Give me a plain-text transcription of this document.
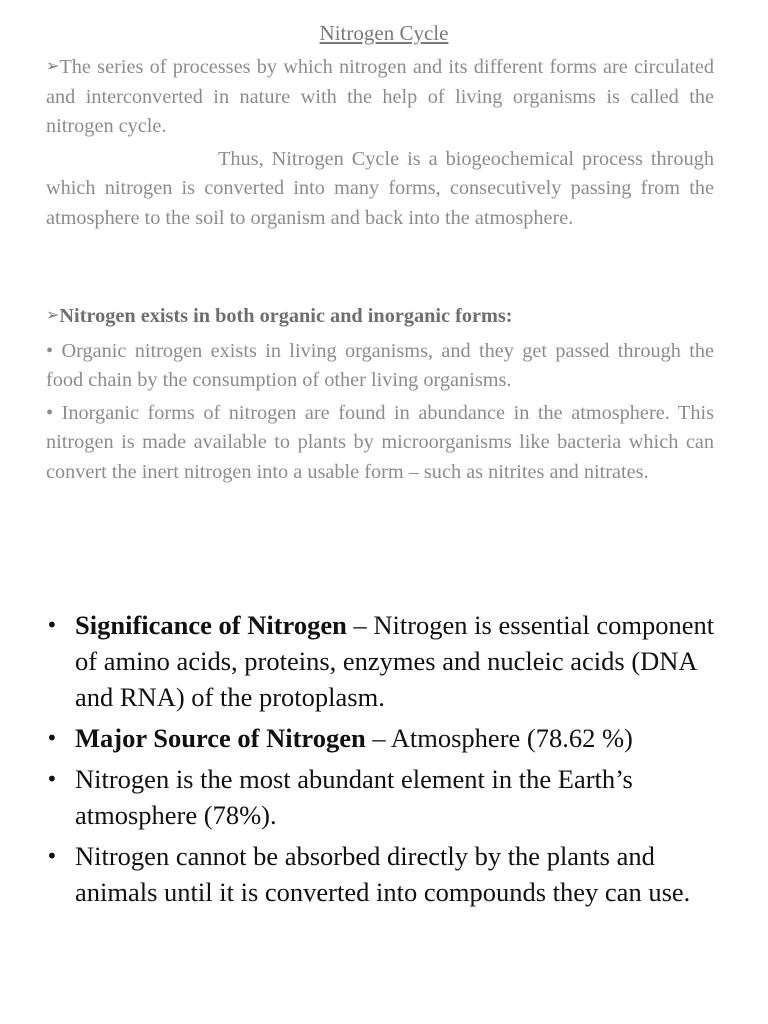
Nitrogen Cycle

➢The series of processes by which nitrogen and its different forms are circulated and interconverted in nature with the help of living organisms is called the nitrogen cycle.

Thus, Nitrogen Cycle is a biogeochemical process through which nitrogen is converted into many forms, consecutively passing from the atmosphere to the soil to organism and back into the atmosphere.

➢Nitrogen exists in both organic and inorganic forms:

• Organic nitrogen exists in living organisms, and they get passed through the food chain by the consumption of other living organisms.

• Inorganic forms of nitrogen are found in abundance in the atmosphere. This nitrogen is made available to plants by microorganisms like bacteria which can convert the inert nitrogen into a usable form – such as nitrites and nitrates.

• Significance of Nitrogen – Nitrogen is essential component of amino acids, proteins, enzymes and nucleic acids (DNA and RNA) of the protoplasm.
• Major Source of Nitrogen – Atmosphere (78.62 %)
• Nitrogen is the most abundant element in the Earth’s atmosphere (78%).
• Nitrogen cannot be absorbed directly by the plants and animals until it is converted into compounds they can use.
